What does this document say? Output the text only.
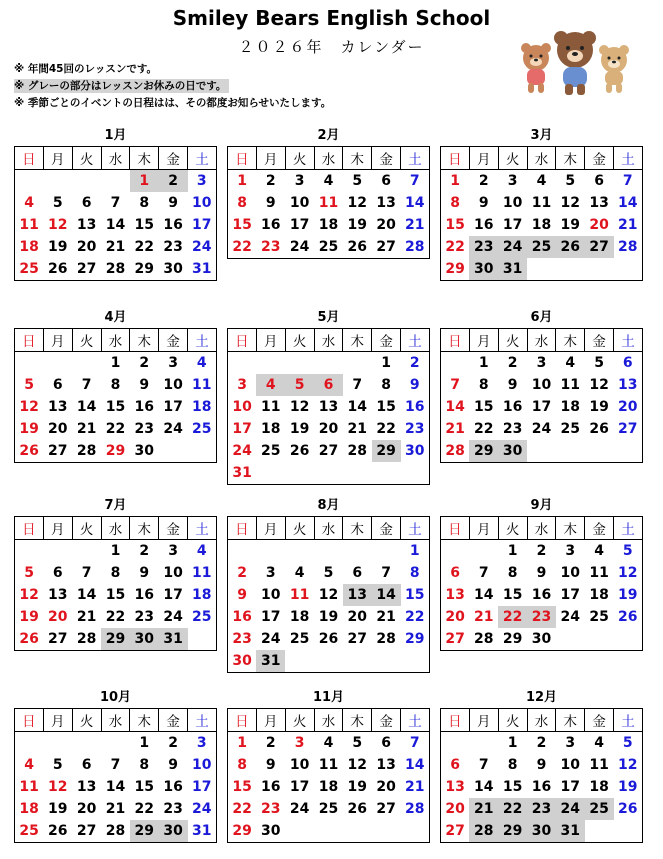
Smiley Bears English School
２０２６年　カレンダー
※ 年間45回のレッスンです。
※ グレーの部分はレッスンお休みの日です。
※ 季節ごとのイベントの日程はは、その都度お知らせいたします。
1月
日	月	火	水	木	金	土
				1	2	3
4	5	6	7	8	9	10
11	12	13	14	15	16	17
18	19	20	21	22	23	24
25	26	27	28	29	30	31
2月
日	月	火	水	木	金	土
1	2	3	4	5	6	7
8	9	10	11	12	13	14
15	16	17	18	19	20	21
22	23	24	25	26	27	28
3月
日	月	火	水	木	金	土
1	2	3	4	5	6	7
8	9	10	11	12	13	14
15	16	17	18	19	20	21
22	23	24	25	26	27	28
29	30	31				
4月
日	月	火	水	木	金	土
			1	2	3	4
5	6	7	8	9	10	11
12	13	14	15	16	17	18
19	20	21	22	23	24	25
26	27	28	29	30		
5月
日	月	火	水	木	金	土
					1	2
3	4	5	6	7	8	9
10	11	12	13	14	15	16
17	18	19	20	21	22	23
24	25	26	27	28	29	30
31						
6月
日	月	火	水	木	金	土
	1	2	3	4	5	6
7	8	9	10	11	12	13
14	15	16	17	18	19	20
21	22	23	24	25	26	27
28	29	30				
7月
日	月	火	水	木	金	土
			1	2	3	4
5	6	7	8	9	10	11
12	13	14	15	16	17	18
19	20	21	22	23	24	25
26	27	28	29	30	31	
8月
日	月	火	水	木	金	土
						1
2	3	4	5	6	7	8
9	10	11	12	13	14	15
16	17	18	19	20	21	22
23	24	25	26	27	28	29
30	31					
9月
日	月	火	水	木	金	土
		1	2	3	4	5
6	7	8	9	10	11	12
13	14	15	16	17	18	19
20	21	22	23	24	25	26
27	28	29	30			
10月
日	月	火	水	木	金	土
				1	2	3
4	5	6	7	8	9	10
11	12	13	14	15	16	17
18	19	20	21	22	23	24
25	26	27	28	29	30	31
11月
日	月	火	水	木	金	土
1	2	3	4	5	6	7
8	9	10	11	12	13	14
15	16	17	18	19	20	21
22	23	24	25	26	27	28
29	30					
12月
日	月	火	水	木	金	土
		1	2	3	4	5
6	7	8	9	10	11	12
13	14	15	16	17	18	19
20	21	22	23	24	25	26
27	28	29	30	31		
